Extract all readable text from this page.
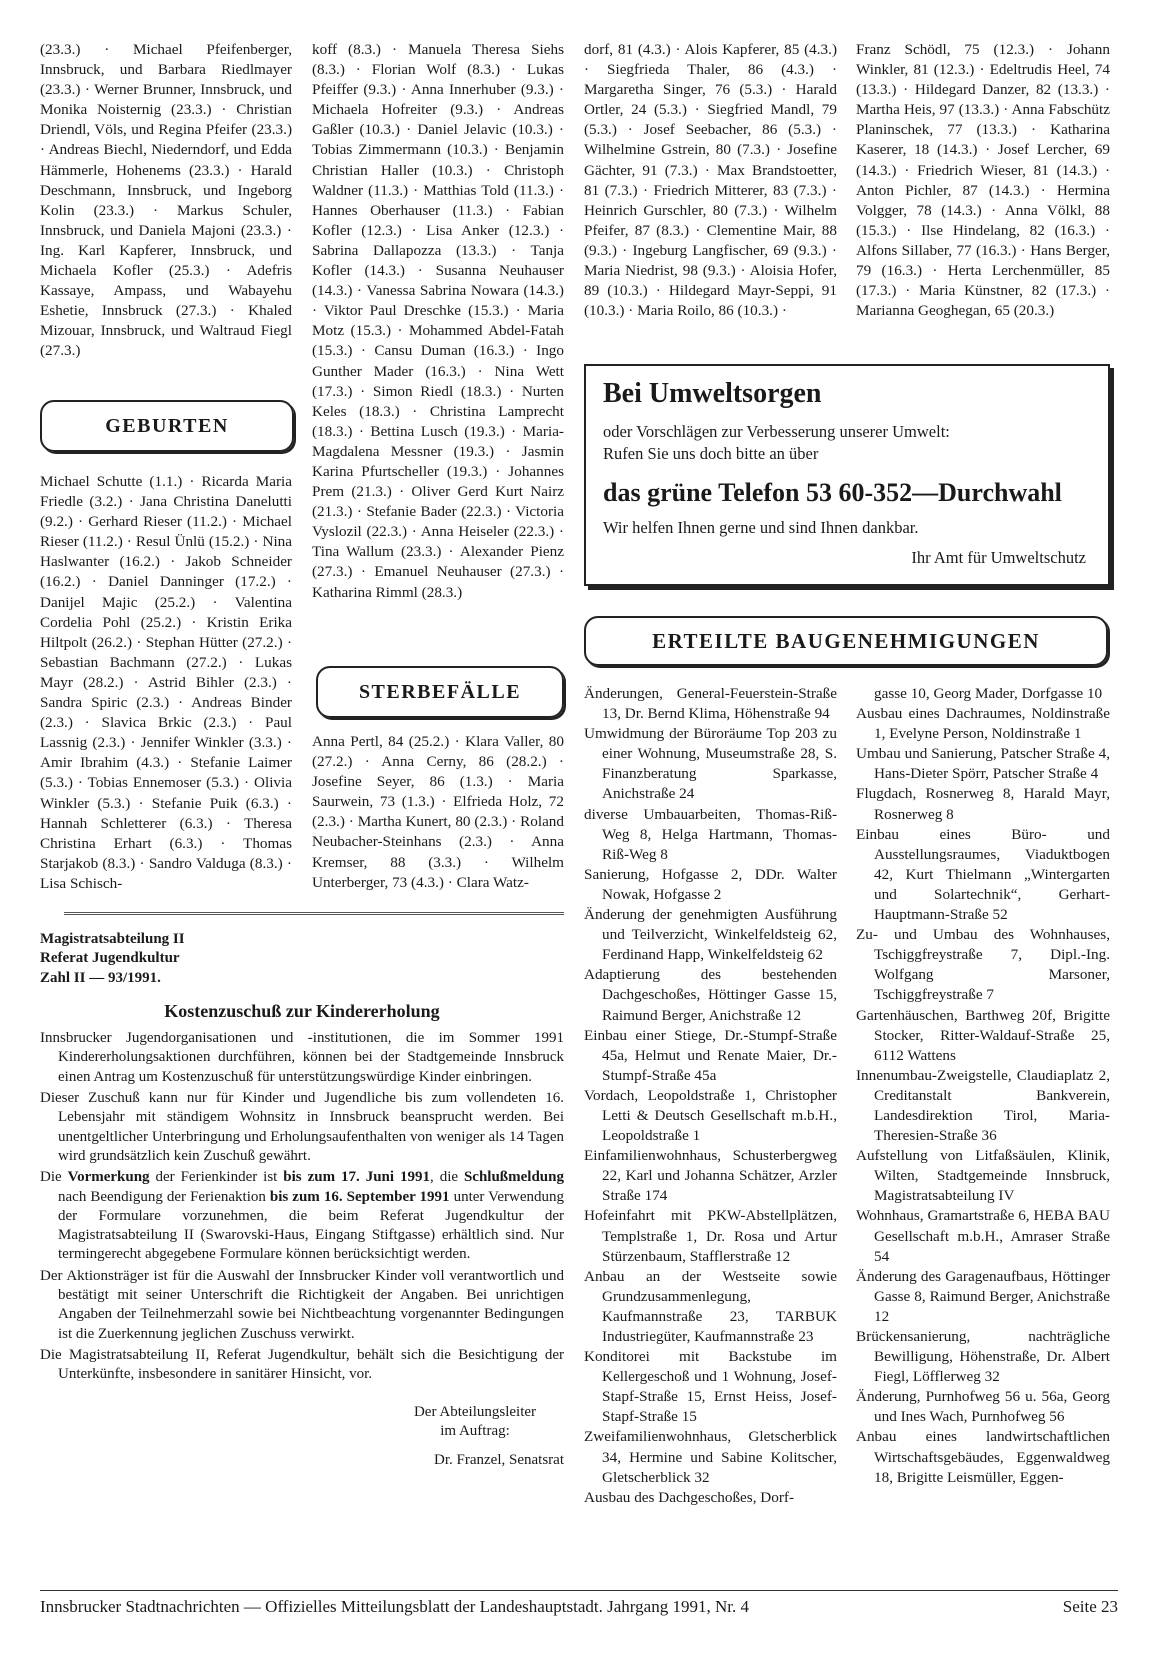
(23.3.) · Michael Pfeifenberger, Innsbruck, und Barbara Riedlmayer (23.3.) · Werner Brunner, Innsbruck, und Monika Noisternig (23.3.) · Christian Driendl, Völs, und Regina Pfeifer (23.3.) · Andreas Biechl, Niederndorf, und Edda Hämmerle, Hohenems (23.3.) · Harald Deschmann, Innsbruck, und Ingeborg Kolin (23.3.) · Markus Schuler, Innsbruck, und Daniela Majoni (23.3.) · Ing. Karl Kapferer, Innsbruck, und Michaela Kofler (25.3.) · Adefris Kassaye, Ampass, und Wabayehu Eshetie, Innsbruck (27.3.) · Khaled Mizouar, Innsbruck, und Waltraud Fiegl (27.3.)

GEBURTEN

Michael Schutte (1.1.) · Ricarda Maria Friedle (3.2.) · Jana Christina Danelutti (9.2.) · Gerhard Rieser (11.2.) · Michael Rieser (11.2.) · Resul Ünlü (15.2.) · Nina Haslwanter (16.2.) · Jakob Schneider (16.2.) · Daniel Danninger (17.2.) · Danijel Majic (25.2.) · Valentina Cordelia Pohl (25.2.) · Kristin Erika Hiltpolt (26.2.) · Stephan Hütter (27.2.) · Sebastian Bachmann (27.2.) · Lukas Mayr (28.2.) · Astrid Bihler (2.3.) · Sandra Spiric (2.3.) · Andreas Binder (2.3.) · Slavica Brkic (2.3.) · Paul Lassnig (2.3.) · Jennifer Winkler (3.3.) · Amir Ibrahim (4.3.) · Stefanie Laimer (5.3.) · Tobias Ennemoser (5.3.) · Olivia Winkler (5.3.) · Stefanie Puik (6.3.) · Hannah Schletterer (6.3.) · Theresa Christina Erhart (6.3.) · Thomas Starjakob (8.3.) · Sandro Valduga (8.3.) · Lisa Schisch-

koff (8.3.) · Manuela Theresa Siehs (8.3.) · Florian Wolf (8.3.) · Lukas Pfeiffer (9.3.) · Anna Innerhuber (9.3.) · Michaela Hofreiter (9.3.) · Andreas Gaßler (10.3.) · Daniel Jelavic (10.3.) · Tobias Zimmermann (10.3.) · Benjamin Christian Haller (10.3.) · Christoph Waldner (11.3.) · Matthias Told (11.3.) · Hannes Oberhauser (11.3.) · Fabian Kofler (12.3.) · Lisa Anker (12.3.) · Sabrina Dallapozza (13.3.) · Tanja Kofler (14.3.) · Susanna Neuhauser (14.3.) · Vanessa Sabrina Nowara (14.3.) · Viktor Paul Dreschke (15.3.) · Maria Motz (15.3.) · Mohammed Abdel-Fatah (15.3.) · Cansu Duman (16.3.) · Ingo Gunther Mader (16.3.) · Nina Wett (17.3.) · Simon Riedl (18.3.) · Nurten Keles (18.3.) · Christina Lamprecht (18.3.) · Bettina Lusch (19.3.) · Maria-Magdalena Messner (19.3.) · Jasmin Karina Pfurtscheller (19.3.) · Johannes Prem (21.3.) · Oliver Gerd Kurt Nairz (21.3.) · Stefanie Bader (22.3.) · Victoria Vyslozil (22.3.) · Anna Heiseler (22.3.) · Tina Wallum (23.3.) · Alexander Pienz (27.3.) · Emanuel Neuhauser (27.3.) · Katharina Rimml (28.3.)

STERBEFÄLLE

Anna Pertl, 84 (25.2.) · Klara Valler, 80 (27.2.) · Anna Cerny, 86 (28.2.) · Josefine Seyer, 86 (1.3.) · Maria Saurwein, 73 (1.3.) · Elfrieda Holz, 72 (2.3.) · Martha Kunert, 80 (2.3.) · Roland Neubacher-Steinhans (2.3.) · Anna Kremser, 88 (3.3.) · Wilhelm Unterberger, 73 (4.3.) · Clara Watz-

dorf, 81 (4.3.) · Alois Kapferer, 85 (4.3.) · Siegfrieda Thaler, 86 (4.3.) · Margaretha Singer, 76 (5.3.) · Harald Ortler, 24 (5.3.) · Siegfried Mandl, 79 (5.3.) · Josef Seebacher, 86 (5.3.) · Wilhelmine Gstrein, 80 (7.3.) · Josefine Gächter, 91 (7.3.) · Max Brandstoetter, 81 (7.3.) · Friedrich Mitterer, 83 (7.3.) · Heinrich Gurschler, 80 (7.3.) · Wilhelm Pfeifer, 87 (8.3.) · Clementine Mair, 88 (9.3.) · Ingeburg Langfischer, 69 (9.3.) · Maria Niedrist, 98 (9.3.) · Aloisia Hofer, 89 (10.3.) · Hildegard Mayr-Seppi, 91 (10.3.) · Maria Roilo, 86 (10.3.) ·

Franz Schödl, 75 (12.3.) · Johann Winkler, 81 (12.3.) · Edeltrudis Heel, 74 (13.3.) · Hildegard Danzer, 82 (13.3.) · Martha Heis, 97 (13.3.) · Anna Fabschütz Planinschek, 77 (13.3.) · Katharina Kaserer, 18 (14.3.) · Josef Lercher, 69 (14.3.) · Friedrich Wieser, 81 (14.3.) · Anton Pichler, 87 (14.3.) · Hermina Volgger, 78 (14.3.) · Anna Völkl, 88 (15.3.) · Ilse Hindelang, 82 (16.3.) · Alfons Sillaber, 77 (16.3.) · Hans Berger, 79 (16.3.) · Herta Lerchenmüller, 85 (17.3.) · Maria Künstner, 82 (17.3.) · Marianna Geoghegan, 65 (20.3.)

Bei Umweltsorgen
oder Vorschlägen zur Verbesserung unserer Umwelt:
Rufen Sie uns doch bitte an über
das grüne Telefon 53 60-352—Durchwahl
Wir helfen Ihnen gerne und sind Ihnen dankbar.
Ihr Amt für Umweltschutz
ERTEILTE BAUGENEHMIGUNGEN

Änderungen, General-Feuerstein-Straße 13, Dr. Bernd Klima, Höhenstraße 94

Umwidmung der Büroräume Top 203 zu einer Wohnung, Museumstraße 28, S. Finanzberatung Sparkasse, Anichstraße 24

diverse Umbauarbeiten, Thomas-Riß-Weg 8, Helga Hartmann, Thomas-Riß-Weg 8

Sanierung, Hofgasse 2, DDr. Walter Nowak, Hofgasse 2

Änderung der genehmigten Ausführung und Teilverzicht, Winkelfeldsteig 62, Ferdinand Happ, Winkelfeldsteig 62

Adaptierung des bestehenden Dachgeschoßes, Höttinger Gasse 15, Raimund Berger, Anichstraße 12

Einbau einer Stiege, Dr.-Stumpf-Straße 45a, Helmut und Renate Maier, Dr.-Stumpf-Straße 45a

Vordach, Leopoldstraße 1, Christopher Letti & Deutsch Gesellschaft m.b.H., Leopoldstraße 1

Einfamilienwohnhaus, Schusterbergweg 22, Karl und Johanna Schätzer, Arzler Straße 174

Hofeinfahrt mit PKW-Abstellplätzen, Templstraße 1, Dr. Rosa und Artur Stürzenbaum, Stafflerstraße 12

Anbau an der Westseite sowie Grundzusammenlegung, Kaufmannstraße 23, TARBUK Industriegüter, Kaufmannstraße 23

Konditorei mit Backstube im Kellergeschoß und 1 Wohnung, Josef-Stapf-Straße 15, Ernst Heiss, Josef-Stapf-Straße 15

Zweifamilienwohnhaus, Gletscherblick 34, Hermine und Sabine Kolitscher, Gletscherblick 32

Ausbau des Dachgeschoßes, Dorf-

gasse 10, Georg Mader, Dorfgasse 10

Ausbau eines Dachraumes, Noldinstraße 1, Evelyne Person, Noldinstraße 1

Umbau und Sanierung, Patscher Straße 4, Hans-Dieter Spörr, Patscher Straße 4

Flugdach, Rosnerweg 8, Harald Mayr, Rosnerweg 8

Einbau eines Büro- und Ausstellungsraumes, Viaduktbogen 42, Kurt Thielmann „Wintergarten und Solartechnik“, Gerhart-Hauptmann-Straße 52

Zu- und Umbau des Wohnhauses, Tschiggfreystraße 7, Dipl.-Ing. Wolfgang Marsoner, Tschiggfreystraße 7

Gartenhäuschen, Barthweg 20f, Brigitte Stocker, Ritter-Waldauf-Straße 25, 6112 Wattens

Innenumbau-Zweigstelle, Claudiaplatz 2, Creditanstalt Bankverein, Landesdirektion Tirol, Maria-Theresien-Straße 36

Aufstellung von Litfaßsäulen, Klinik, Wilten, Stadtgemeinde Innsbruck, Magistratsabteilung IV

Wohnhaus, Gramartstraße 6, HEBA BAU Gesellschaft m.b.H., Amraser Straße 54

Änderung des Garagenaufbaus, Höttinger Gasse 8, Raimund Berger, Anichstraße 12

Brückensanierung, nachträgliche Bewilligung, Höhenstraße, Dr. Albert Fiegl, Löfflerweg 32

Änderung, Purnhofweg 56 u. 56a, Georg und Ines Wach, Purnhofweg 56

Anbau eines landwirtschaftlichen Wirtschaftsgebäudes, Eggenwaldweg 18, Brigitte Leismüller, Eggen-

Magistratsabteilung II
Referat Jugendkultur
Zahl II — 93/1991.
Kostenzuschuß zur Kindererholung

Innsbrucker Jugendorganisationen und -institutionen, die im Sommer 1991 Kindererholungsaktionen durchführen, können bei der Stadtgemeinde Innsbruck einen Antrag um Kostenzuschuß für unterstützungswürdige Kinder einbringen.

Dieser Zuschuß kann nur für Kinder und Jugendliche bis zum vollendeten 16. Lebensjahr mit ständigem Wohnsitz in Innsbruck beansprucht werden. Bei unentgeltlicher Unterbringung und Erholungsaufenthalten von weniger als 14 Tagen wird grundsätzlich kein Zuschuß gewährt.

Die Vormerkung der Ferienkinder ist bis zum 17. Juni 1991, die Schlußmeldung nach Beendigung der Ferienaktion bis zum 16. September 1991 unter Verwendung der Formulare vorzunehmen, die beim Referat Jugendkultur der Magistratsabteilung II (Swarovski-Haus, Eingang Stiftgasse) erhältlich sind. Nur termingerecht abgegebene Formulare können berücksichtigt werden.

Der Aktionsträger ist für die Auswahl der Innsbrucker Kinder voll verantwortlich und bestätigt mit seiner Unterschrift die Richtigkeit der Angaben. Bei unrichtigen Angaben der Teilnehmerzahl sowie bei Nichtbeachtung vorgenannter Bedingungen ist die Zuerkennung jeglichen Zuschuss verwirkt.

Die Magistratsabteilung II, Referat Jugendkultur, behält sich die Besichtigung der Unterkünfte, insbesondere in sanitärer Hinsicht, vor.

Der Abteilungsleiter
im Auftrag:
Dr. Franzel, Senatsrat
Innsbrucker Stadtnachrichten — Offizielles Mitteilungsblatt der Landeshauptstadt. Jahrgang 1991, Nr. 4	Seite 23
